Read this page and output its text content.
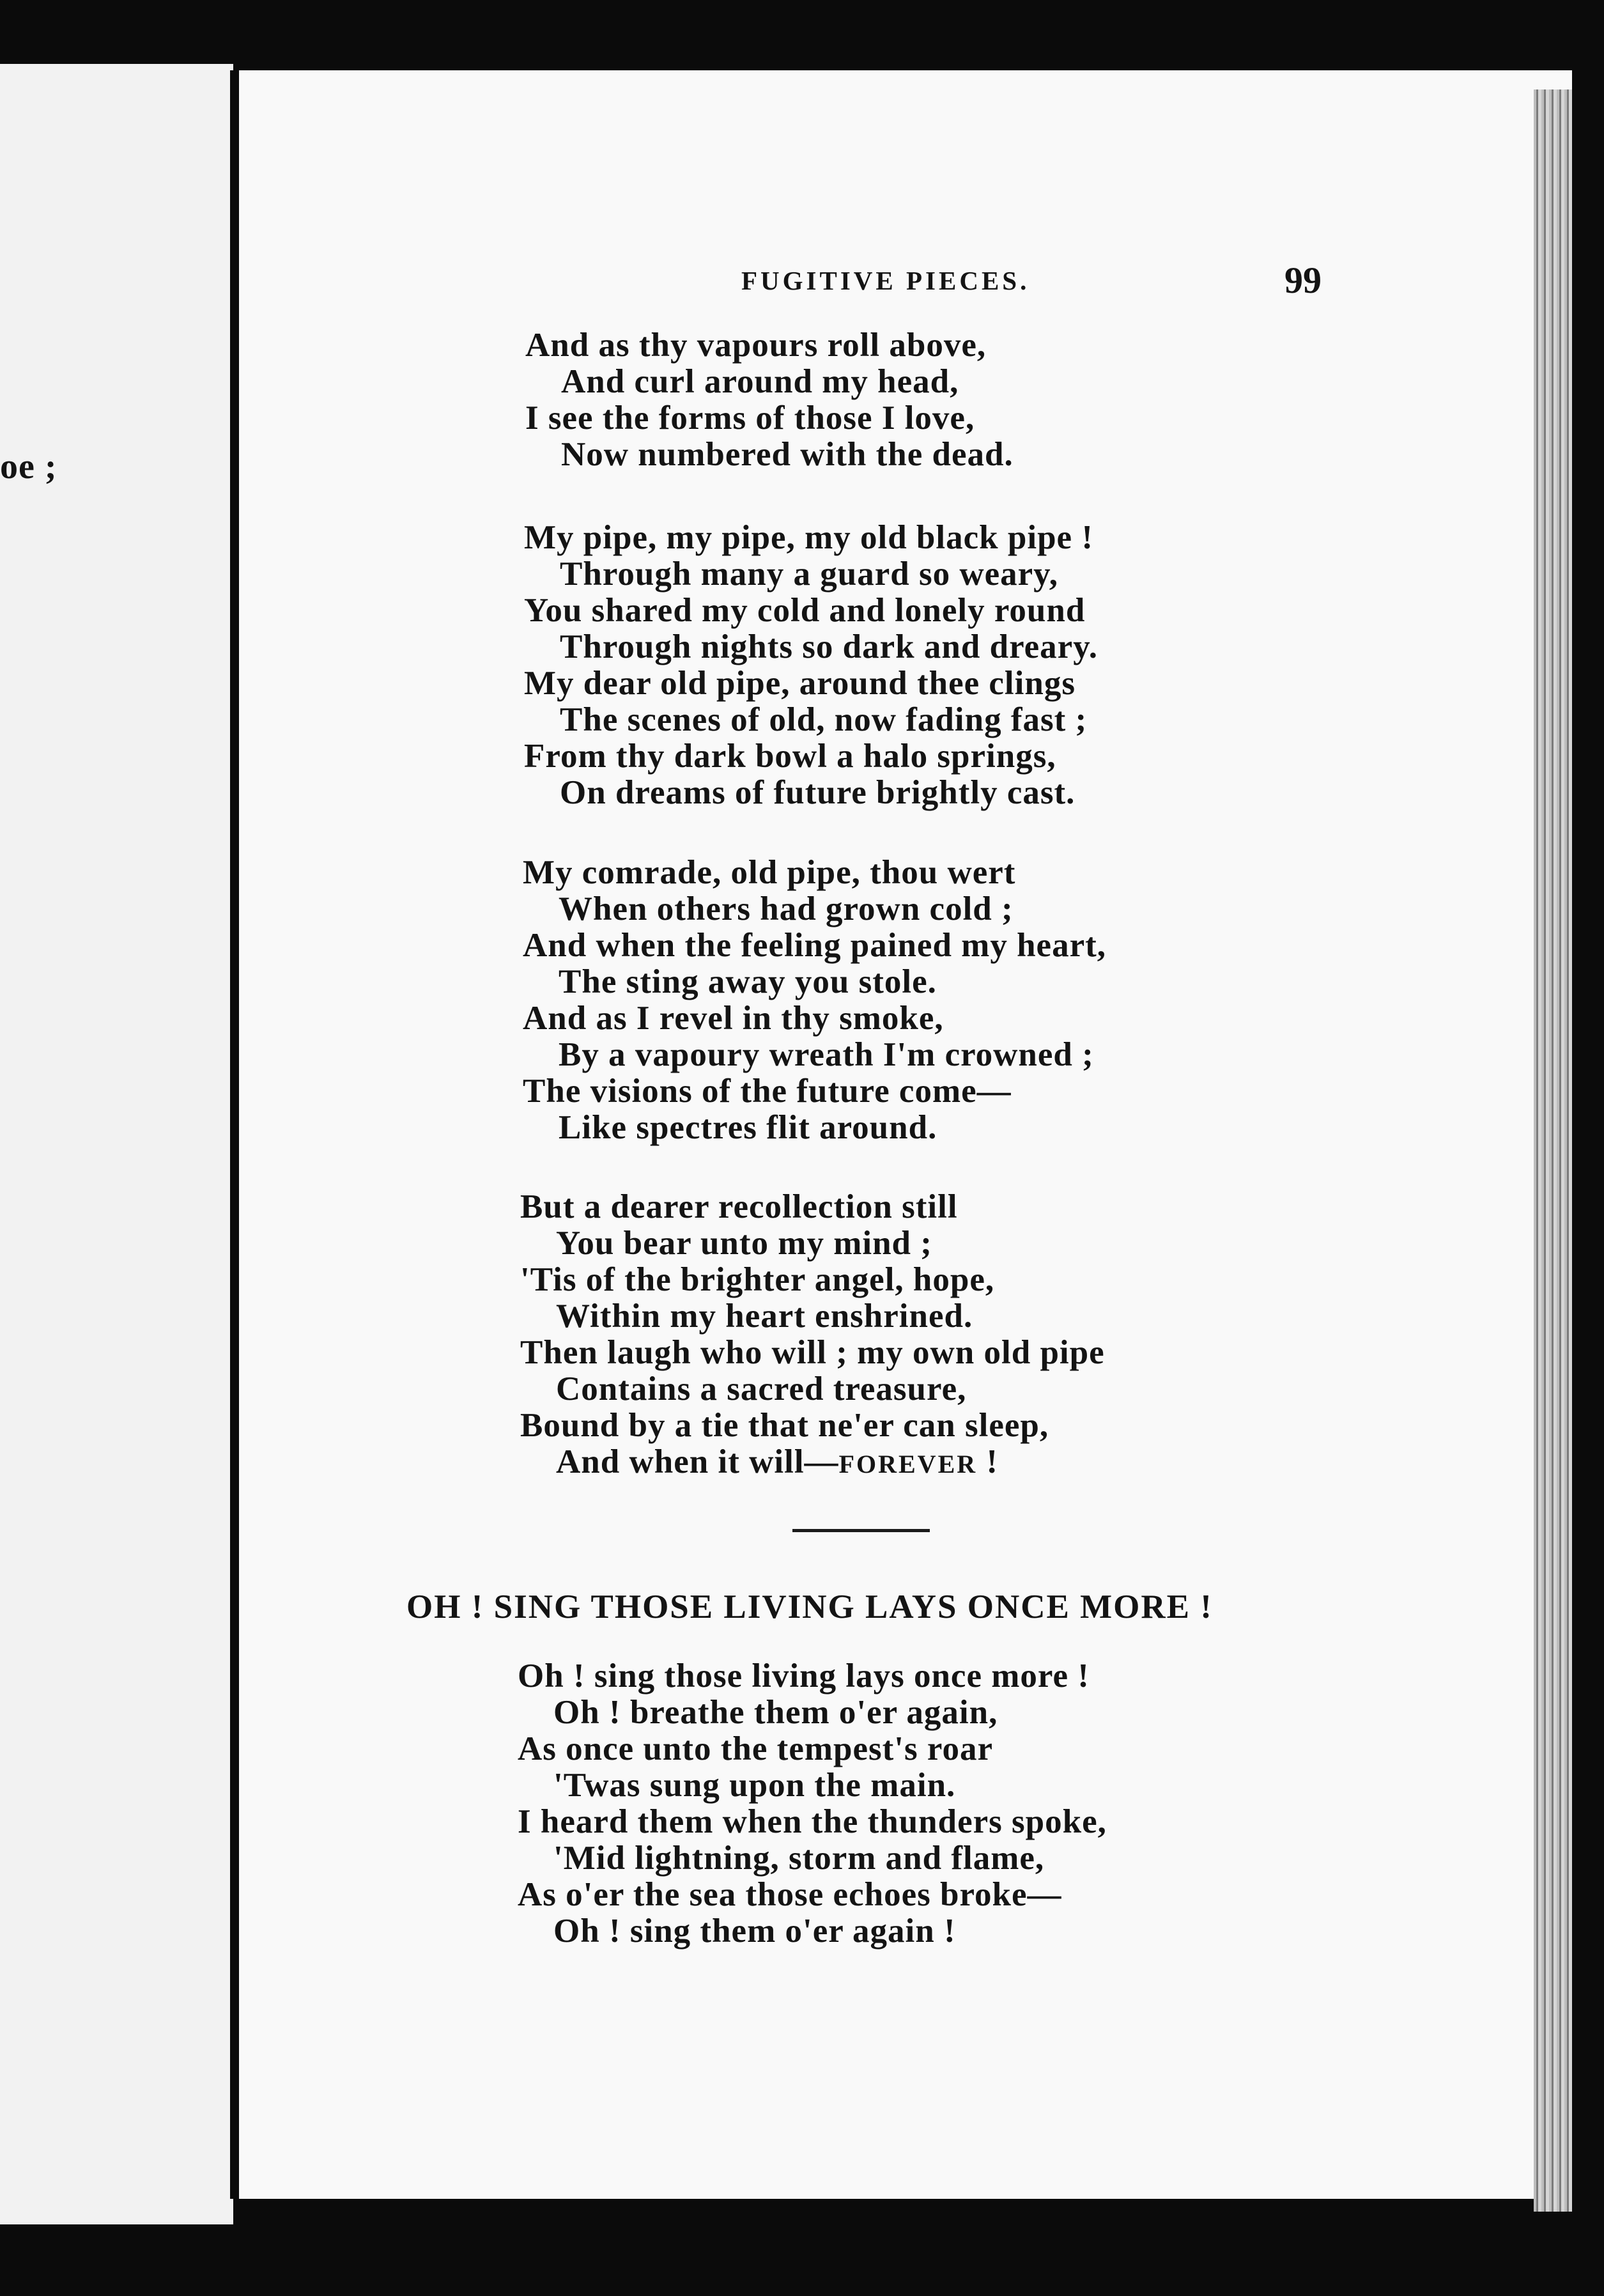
oe ;
FUGITIVE PIECES.	99
And as thy vapours roll above,
And curl around my head,
I see the forms of those I love,
Now numbered with the dead.
My pipe, my pipe, my old black pipe !
Through many a guard so weary,
You shared my cold and lonely round
Through nights so dark and dreary.
My dear old pipe, around thee clings
The scenes of old, now fading fast ;
From thy dark bowl a halo springs,
On dreams of future brightly cast.
My comrade, old pipe, thou wert
When others had grown cold ;
And when the feeling pained my heart,
The sting away you stole.
And as I revel in thy smoke,
By a vapoury wreath I'm crowned ;
The visions of the future come—
Like spectres flit around.
But a dearer recollection still
You bear unto my mind ;
'Tis of the brighter angel, hope,
Within my heart enshrined.
Then laugh who will ; my own old pipe
Contains a sacred treasure,
Bound by a tie that ne'er can sleep,
And when it will—FOREVER !
OH ! SING THOSE LIVING LAYS ONCE MORE !
Oh ! sing those living lays once more !
Oh ! breathe them o'er again,
As once unto the tempest's roar
'Twas sung upon the main.
I heard them when the thunders spoke,
'Mid lightning, storm and flame,
As o'er the sea those echoes broke—
Oh ! sing them o'er again !
